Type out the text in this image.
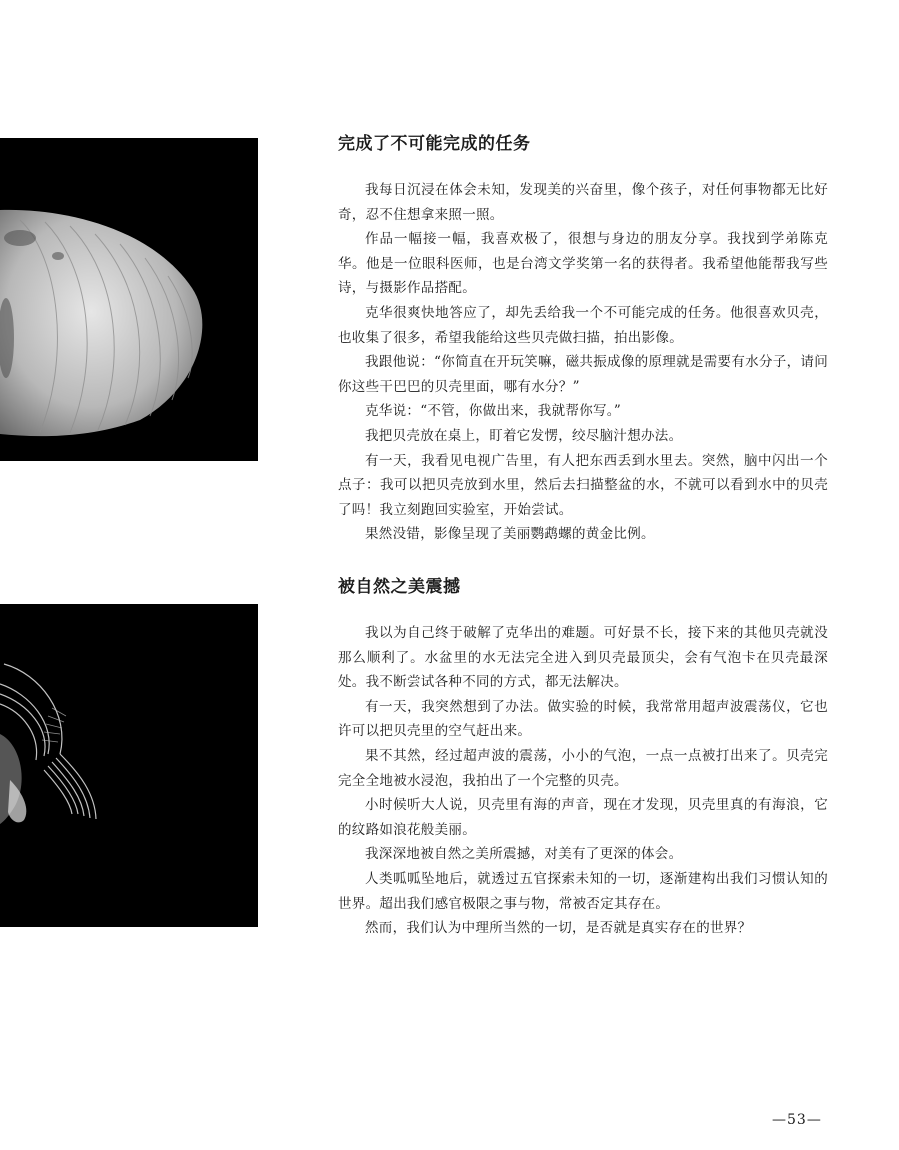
完成了不可能完成的任务

我每日沉浸在体会未知，发现美的兴奋里，像个孩子，对任何事物都无比好奇，忍不住想拿来照一照。

作品一幅接一幅，我喜欢极了，很想与身边的朋友分享。我找到学弟陈克华。他是一位眼科医师，也是台湾文学奖第一名的获得者。我希望他能帮我写些诗，与摄影作品搭配。

克华很爽快地答应了，却先丢给我一个不可能完成的任务。他很喜欢贝壳，也收集了很多，希望我能给这些贝壳做扫描，拍出影像。

我跟他说：“你简直在开玩笑嘛，磁共振成像的原理就是需要有水分子，请问你这些干巴巴的贝壳里面，哪有水分？”

克华说：“不管，你做出来，我就帮你写。”

我把贝壳放在桌上，盯着它发愣，绞尽脑汁想办法。

有一天，我看见电视广告里，有人把东西丢到水里去。突然，脑中闪出一个点子：我可以把贝壳放到水里，然后去扫描整盆的水，不就可以看到水中的贝壳了吗！我立刻跑回实验室，开始尝试。

果然没错，影像呈现了美丽鹦鹉螺的黄金比例。

被自然之美震撼

我以为自己终于破解了克华出的难题。可好景不长，接下来的其他贝壳就没那么顺利了。水盆里的水无法完全进入到贝壳最顶尖，会有气泡卡在贝壳最深处。我不断尝试各种不同的方式，都无法解决。

有一天，我突然想到了办法。做实验的时候，我常常用超声波震荡仪，它也许可以把贝壳里的空气赶出来。

果不其然，经过超声波的震荡，小小的气泡，一点一点被打出来了。贝壳完完全全地被水浸泡，我拍出了一个完整的贝壳。

小时候听大人说，贝壳里有海的声音，现在才发现，贝壳里真的有海浪，它的纹路如浪花般美丽。

我深深地被自然之美所震撼，对美有了更深的体会。

人类呱呱坠地后，就透过五官探索未知的一切，逐渐建构出我们习惯认知的世界。超出我们感官极限之事与物，常被否定其存在。

然而，我们认为中理所当然的一切，是否就是真实存在的世界？

—53—
